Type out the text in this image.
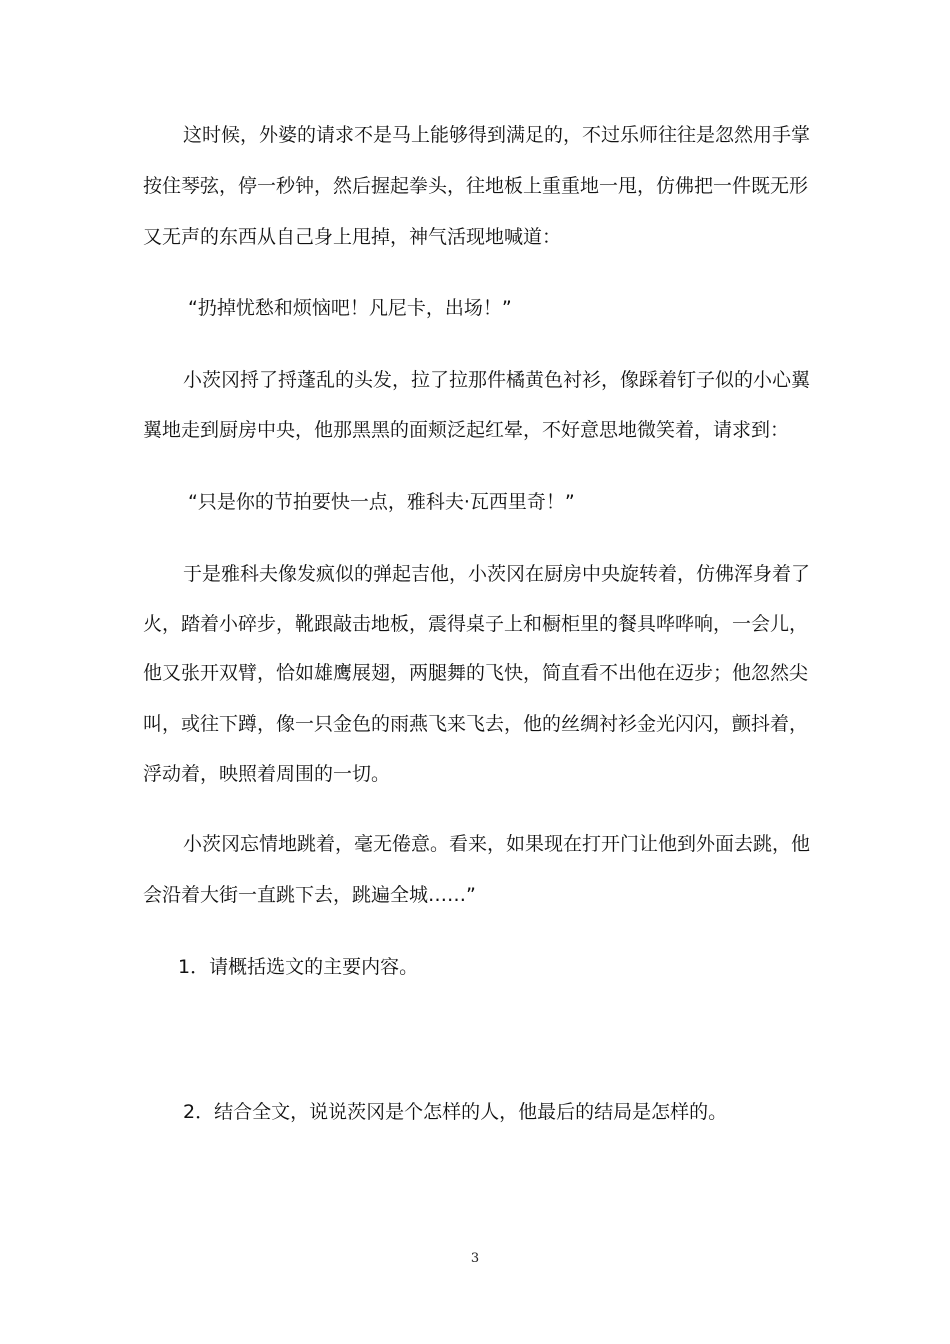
这时候，外婆的请求不是马上能够得到满足的，不过乐师往往是忽然用手掌
按住琴弦，停一秒钟，然后握起拳头，往地板上重重地一甩，仿佛把一件既无形
又无声的东西从自己身上甩掉，神气活现地喊道：
“扔掉忧愁和烦恼吧！凡尼卡，出场！”
小茨冈捋了捋蓬乱的头发，拉了拉那件橘黄色衬衫，像踩着钉子似的小心翼
翼地走到厨房中央，他那黑黑的面颊泛起红晕，不好意思地微笑着，请求到：
“只是你的节拍要快一点，雅科夫·瓦西里奇！”
于是雅科夫像发疯似的弹起吉他，小茨冈在厨房中央旋转着，仿佛浑身着了
火，踏着小碎步，靴跟敲击地板，震得桌子上和橱柜里的餐具哗哗响，一会儿，
他又张开双臂，恰如雄鹰展翅，两腿舞的飞快，简直看不出他在迈步；他忽然尖
叫，或往下蹲，像一只金色的雨燕飞来飞去，他的丝绸衬衫金光闪闪，颤抖着，
浮动着，映照着周围的一切。
小茨冈忘情地跳着，毫无倦意。看来，如果现在打开门让他到外面去跳，他
会沿着大街一直跳下去，跳遍全城……”
1．请概括选文的主要内容。
2．结合全文，说说茨冈是个怎样的人，他最后的结局是怎样的。
3
